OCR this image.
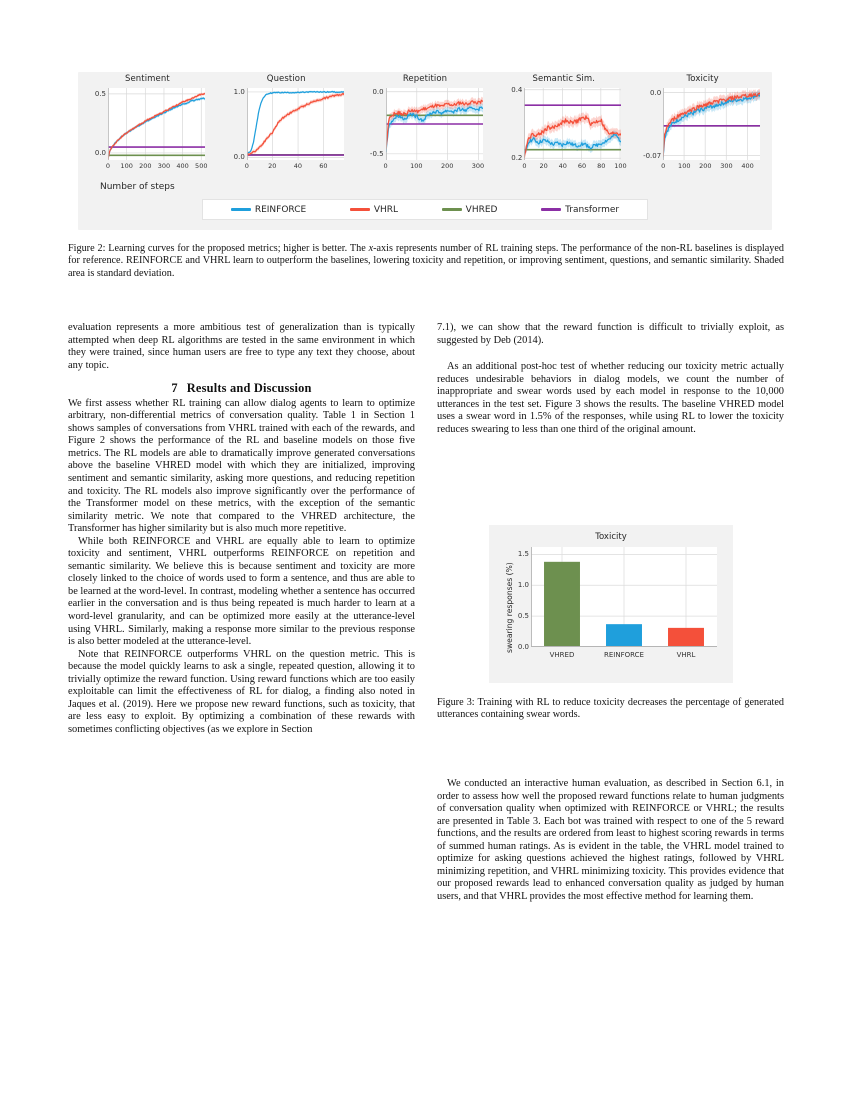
Sentiment
0.0
0.5
0 100 200 300 400 500
Question
0.0
1.0
0	20	40	60
Repetition
0.0
-0.5
0	100	200	300
Semantic Sim.
0.4
0.2
0 20 40 60 80 100
Toxicity
0.0
-0.07
0 100 200 300 400
Number of steps
REINFORCE	VHRL	VHRED	Transformer
Figure 2: Learning curves for the proposed metrics; higher is better. The x-axis represents number of RL training steps. The performance of the non-RL baselines is displayed for reference. REINFORCE and VHRL learn to outperform the baselines, lowering toxicity and repetition, or improving sentiment, questions, and semantic similarity. Shaded area is standard deviation.

evaluation represents a more ambitious test of generalization than is typically attempted when deep RL algorithms are tested in the same environment in which they were trained, since human users are free to type any text they choose, about any topic.

7 Results and Discussion

We first assess whether RL training can allow dialog agents to learn to optimize arbitrary, non-differential metrics of conversation quality. Table 1 in Section 1 shows samples of conversations from VHRL trained with each of the rewards, and Figure 2 shows the performance of the RL and baseline models on those five metrics. The RL models are able to dramatically improve generated conversations above the baseline VHRED model with which they are initialized, improving sentiment and semantic similarity, asking more questions, and reducing repetition and toxicity. The RL models also improve significantly over the performance of the Transformer model on these metrics, with the exception of the semantic similarity metric. We note that compared to the VHRED architecture, the Transformer has higher similarity but is also much more repetitive.

While both REINFORCE and VHRL are equally able to learn to optimize toxicity and sentiment, VHRL outperforms REINFORCE on repetition and semantic similarity. We believe this is because sentiment and toxicity are more closely linked to the choice of words used to form a sentence, and thus are able to be learned at the word-level. In contrast, modeling whether a sentence has occurred earlier in the conversation and is thus being repeated is much harder to learn at a word-level granularity, and can be optimized more easily at the utterance-level using VHRL. Similarly, making a response more similar to the previous response is also better modeled at the utterance-level.

Note that REINFORCE outperforms VHRL on the question metric. This is because the model quickly learns to ask a single, repeated question, allowing it to trivially optimize the reward function. Using reward functions which are too easily exploitable can limit the effectiveness of RL for dialog, a finding also noted in Jaques et al. (2019). Here we propose new reward functions, such as toxicity, that are less easy to exploit. By optimizing a combination of these rewards with sometimes conflicting objectives (as we explore in Section

7.1), we can show that the reward function is difficult to trivially exploit, as suggested by Deb (2014).

As an additional post-hoc test of whether reducing our toxicity metric actually reduces undesirable behaviors in dialog models, we count the number of inappropriate and swear words used by each model in response to the 10,000 utterances in the test set. Figure 3 shows the results. The baseline VHRED model uses a swear word in 1.5% of the responses, while using RL to lower the toxicity reduces swearing to less than one third of the original amount.

Toxicity
swearing responses (%) 0.0
0.5
1.0
1.5
VHRED	REINFORCE	VHRL
Figure 3: Training with RL to reduce toxicity decreases the percentage of generated utterances containing swear words.

We conducted an interactive human evaluation, as described in Section 6.1, in order to assess how well the proposed reward functions relate to human judgments of conversation quality when optimized with REINFORCE or VHRL; the results are presented in Table 3. Each bot was trained with respect to one of the 5 reward functions, and the results are ordered from least to highest scoring rewards in terms of summed human ratings. As is evident in the table, the VHRL model trained to optimize for asking questions achieved the highest ratings, followed by VHRL minimizing repetition, and VHRL minimizing toxicity. This provides evidence that our proposed rewards lead to enhanced conversation quality as judged by human users, and that VHRL provides the most effective method for learning them.
